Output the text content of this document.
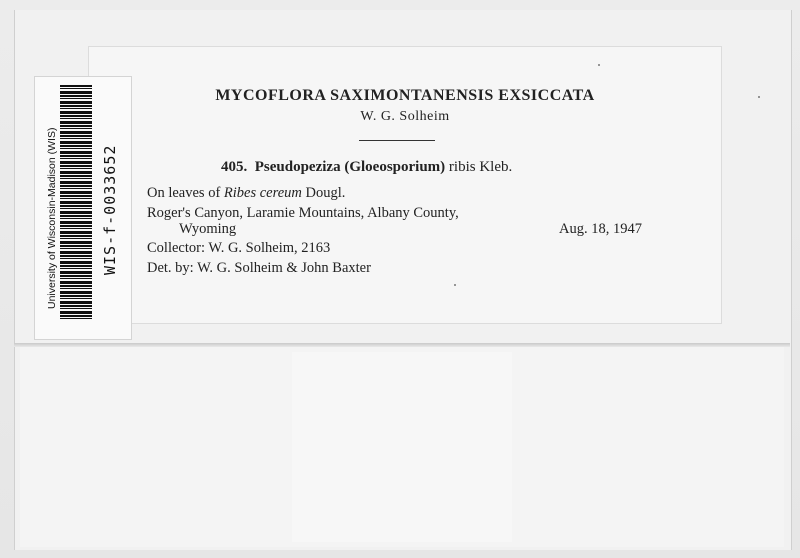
MYCOFLORA SAXIMONTANENSIS EXSICCATA
W. G. Solheim
405. Pseudopeziza (Gloeosporium) ribis Kleb.
On leaves of Ribes cereum Dougl.
Roger's Canyon, Laramie Mountains, Albany County,
Wyoming	Aug. 18, 1947
Collector: W. G. Solheim, 2163
Det. by: W. G. Solheim & John Baxter
University of Wisconsin-Madison (WIS)	WIS-f-0033652
